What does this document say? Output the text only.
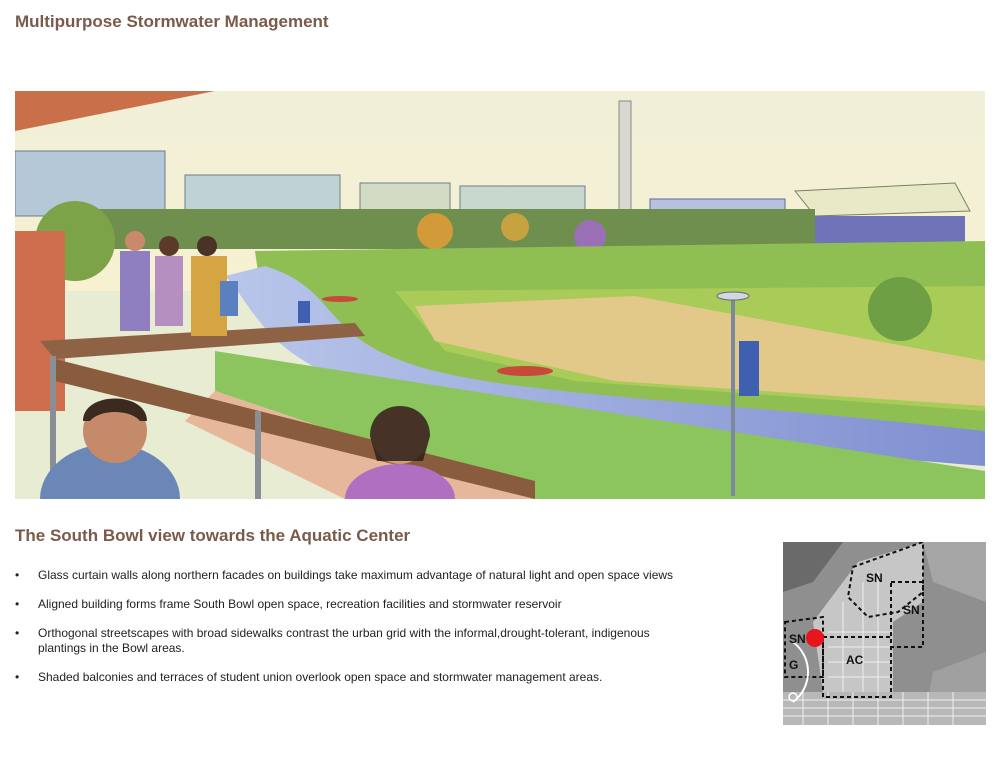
Multipurpose Stormwater Management
The South Bowl view towards the Aquatic Center
• Glass curtain walls along northern facades on buildings take maximum advantage of natural light and open space views
• Aligned building forms frame South Bowl open space, recreation facilities and stormwater reservoir
• Orthogonal streetscapes with broad sidewalks contrast the urban grid with the informal,drought-tolerant, indigenous plantings in the Bowl areas.
• Shaded balconies and terraces of student union overlook open space and stormwater management areas.
SN
SN
SN
G	AC
